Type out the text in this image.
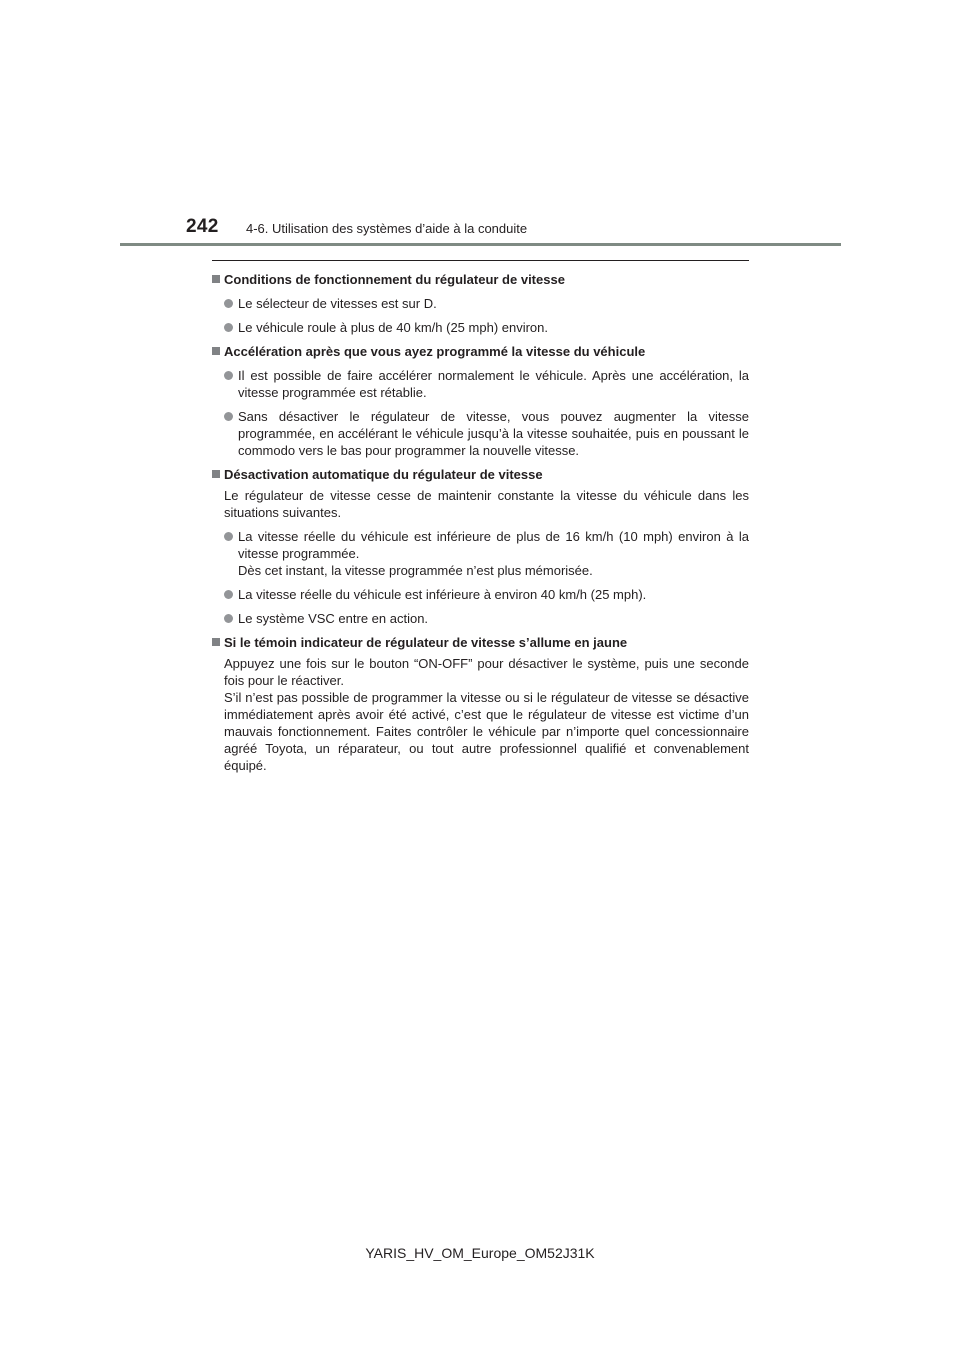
242 4-6. Utilisation des systèmes d’aide à la conduite
Conditions de fonctionnement du régulateur de vitesse
Le sélecteur de vitesses est sur D.
Le véhicule roule à plus de 40 km/h (25 mph) environ.
Accélération après que vous ayez programmé la vitesse du véhicule
Il est possible de faire accélérer normalement le véhicule. Après une accélération, la vitesse programmée est rétablie.
Sans désactiver le régulateur de vitesse, vous pouvez augmenter la vitesse programmée, en accélérant le véhicule jusqu’à la vitesse souhaitée, puis en poussant le commodo vers le bas pour programmer la nouvelle vitesse.
Désactivation automatique du régulateur de vitesse
Le régulateur de vitesse cesse de maintenir constante la vitesse du véhicule dans les situations suivantes.
La vitesse réelle du véhicule est inférieure de plus de 16 km/h (10 mph) environ à la vitesse programmée.
Dès cet instant, la vitesse programmée n’est plus mémorisée.
La vitesse réelle du véhicule est inférieure à environ 40 km/h (25 mph).
Le système VSC entre en action.
Si le témoin indicateur de régulateur de vitesse s’allume en jaune
Appuyez une fois sur le bouton “ON-OFF” pour désactiver le système, puis une seconde fois pour le réactiver.
S’il n’est pas possible de programmer la vitesse ou si le régulateur de vitesse se désactive immédiatement après avoir été activé, c’est que le régulateur de vitesse est victime d’un mauvais fonctionnement. Faites contrôler le véhicule par n’importe quel concessionnaire agréé Toyota, un réparateur, ou tout autre professionnel qualifié et convenablement équipé.
YARIS_HV_OM_Europe_OM52J31K
